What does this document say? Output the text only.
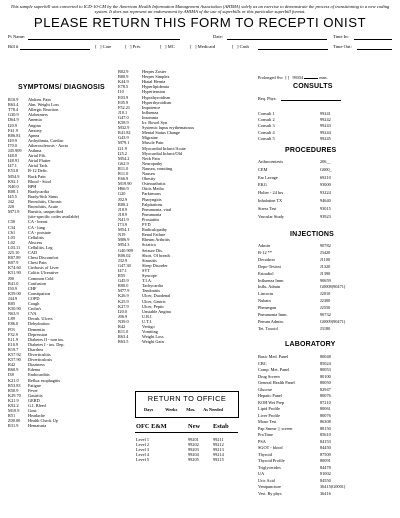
This sample superbill was converted to ICD-10-CM by the American Health Information Management Association (AHIMA) solely as an exercise to demonstrate the process of transitioning to a new coding system. It does not represent an endorsement by AHIMA of the use of superbills or this particular superbill format.
PLEASE RETURN THIS FORM TO RECEPTI ONIST
Pt Name:	Date:	Time In:
Bill #	[   ] Care	[   ] Priv.	[   ] MC	[   ] Medicaid	[   ] Cash	Time Out:
SYMPTOMS/ DIAGNOSIS
R10.9 Abdom. Pain
R63.4 Abn. Weight Loss
T78.4 Allergic Reaction
G30.9 Alzheimers
D64.9 Anemia
I20.9	Angina
F41.9 Anxiety
R06.81 Apnea
I49.9	Arrhythmia, Cardiac
I70.0	Atherosclerosis - Aorta
J45.909 Asthma
I48.0	Atrial Fib.
I48.91 Atrial Flutter
I47.1	Atrial Tach.
E53.8 B-12 Defic.
M54.9 Back Pain
K92.1 Blood - Stool
N40.0 BPH
R00.1 Bradycardia
I45.5	Brady/Sick Sinus
J42	Bronchitis, Chronic
J20	Bronchitis, Acute
M71.9 Bursitis, unspecified
(site-specific codes available)
C50	CA - breast
C34	CA - lung
C61	CA - prostate
L03	Cellulitis
L02	Abscess
L03.11 Cellulitis, Leg
J25.10 CAD
R07.89 Chest Discomfort
R07.9 Chest Pain
K74.60 Cirrhosis of Liver
K51.90 Colitis Ulcerative
J00	Common Cold
R41.0 Confusion
I50.9	CHF
K59.00 Constipation
J44.9	COPD
R05	Cough
K50.90 Crohn's
N63.9 CVA
L89	Decub. Ulcers
E86.0 Dehydration
F03	Dementia
F32.9 Depression
E11.9 Diabetes II - non ins.
E10.9 Diabetes I - ins. Dep.
R19.7 Diarrhea
K57.92 Diverticulitis
K57.90 Diverticulosis
R42	Dizziness
R60.9 Edema
I38	Endocarditis
K21.0 Reflux esophagitis
R53.83 Fatigue
R50.9 Fever
K29.70 Gastritis
K21.9 GERD
K92.2 G.I. Bleed
M10.9 Gout
R51	Headache
Z00.00 Health Check Up
R31.9 Hematuria
B02.9	Herpes Zoster
B00.9	Herpes Simplex
K44.9	Hiatal Hernia
E78.5	Hyperlipidemia
I10	Hypertension
E03.9	Hypothyroidism
E05.9	Hyperthyroidism
F52.21	Impotence
J10.1	Influenza
G47.0	Insomnia
K58.9	Irr. Bowel Syn
M32.9	Systemic lupus erythematosus
R41.82	Mental Status Change
G43.9	Migraine
M79.1	Muscle Pain
I21.9	Myocardial Infarct/Acute
I25.2	Myocardial Infarct/Old
M54.2	Neck Pain
G62.9	Neuropathy
R11.0	Nausea, vomiting
R11.0	Nausea
E66.9	Obesity
M19.90 Osteoarthritis
H66.9	Otitis Media
G20	Parkinsons
J02.9	Pharyngitis
R00.2	Palpitations
J18.9	Pneumonia, viral
J18.9	Pneumonia
N41.9	Prostatitis
I73.9	PVD
M54.1	Radiculopathy
N19	Renal Failure
M06.9	Rheum Arthritis
M54.3	Sciatica
G40.909 Seizure Dis.
R06.02	Short. Of breath
J32.9	Sinusitis
G47.30	Sleep Disorder
I47.1	SVT
R55	Syncope
G45.9	T.I.A.
R00.0	Tachycardia
M77.9	Tendonitis
K26.9	Ulcer, Duodenal
K25.9	Ulcer, Gastric
K27.9	Ulcer, Peptic
I20.0	Unstable Angina
J06.9	U.R.I.
N39.0	U.T.I.
R42	Vertigo
R11.0	Vomiting
R63.4	Weight Loss
R63.5	Weight Gain
RETURN TO OFFICE
Days	Weeks Mos. As Needed
OFC E&M	New Estab
Level 1	99201	99211
Level 2	99202	99212
Level 3	99203	99213
Level 4	99204	99214
Level 5	99205	99215
Prolonged Svc  [ ]   99354	mns.
CONSULTS
Req. Phys:
Consult 1	99241
Consult 2	99242
Consult 3	99243
Consult 4	99244
Consult 5	99245
PROCEDURES
Arthrocentesis	206__
CEM	G000_
Ear Lavage	69210
EKG	93000
Holter - 24 hrs	93224
Inhalation TX	94640
Stress Test	93015
Vascular Study	93923
INJECTIONS
Admin	90782
B-12 **	J3420
Decadron	J1100
Depo-Testost	J1320
Estradiol	J1390
Influenza Imm	90659
Influ. Admin	G0008(90471)
Lincocin	J2010
Nubain	J2300
Phenergan	J2550
Pneumonia Imm.	90732
Pneum Admin.	G0009(90471)
Tet. Toxoid	J3180
LABORATORY
Basic Med. Panel	80048
CBC	85024
Comp. Met. Panel	80053
Drug Screen	80100
General Health Panel	80050
Glucose	82947
Hepatic Panel	80076
KOH Wet Prep	87210
Lipid Profile	80061
Liver Profile	80076
Mono Test	86308
Pap Smear | | screen	88150
ProTime	85610
PSA	84153
SGOT - blood	84450
Thyroid	87500
Thyroid Profile	80091
Triglycerides	84478
UA	81002
Uric Acid	84550
Venipuncture	36415(G0001)
Vest. Ry phys	36416
